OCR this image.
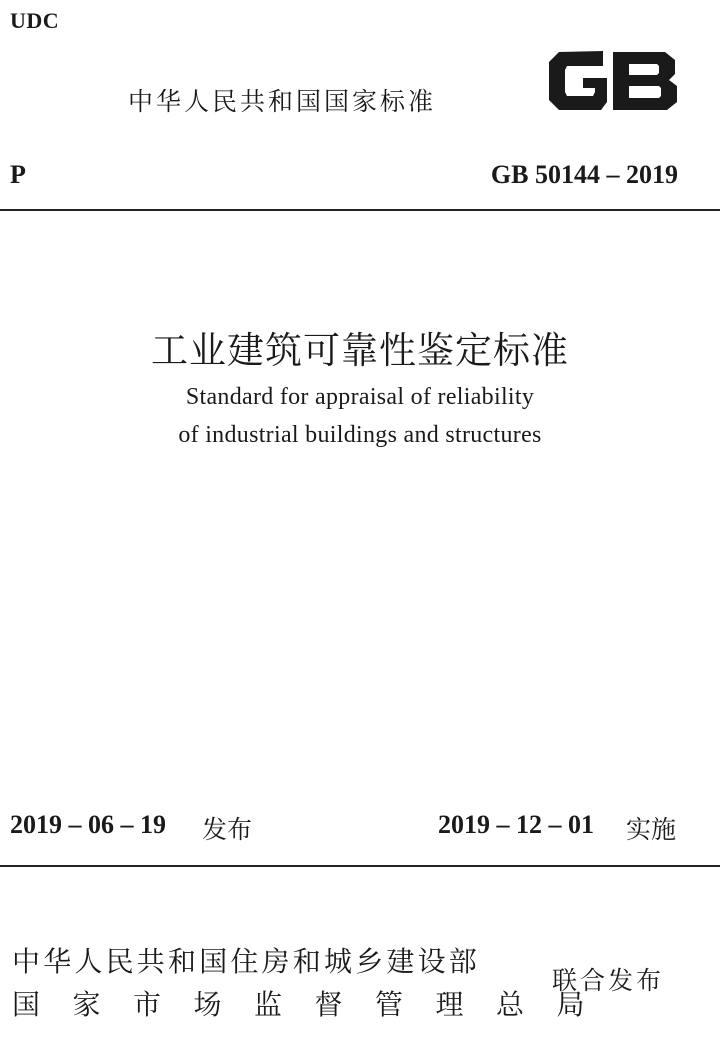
UDC
中华人民共和国国家标准
P	GB 50144 – 2019
工业建筑可靠性鉴定标准
Standard for appraisal of reliability
of industrial buildings and structures
2019 – 06 – 19 发布	2019 – 12 – 01 实施
中华人民共和国住房和城乡建设部
国家市场监督管理总局
联合发布
